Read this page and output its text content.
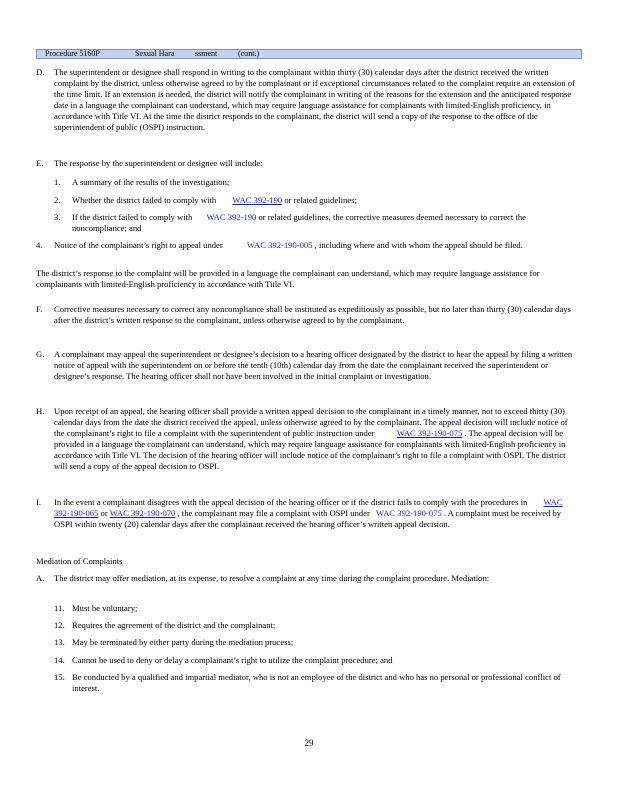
Procedure 5160P	Sexual Hara	ssment	(cont.)
D. The superintendent or designee shall respond in writing to the complainant within thirty (30) calendar days after the district received the written complaint by the district, unless otherwise agreed to by the complainant or if exceptional circumstances related to the complaint require an extension of the time limit. If an extension is needed, the district will notify the complainant in writing of the reasons for the extension and the anticipated response date in a language the complainant can understand, which may require language assistance for complainants with limited-English proficiency, in accordance with Title VI. At the time the district responds to the complainant, the district will send a copy of the response to the office of the superintendent of public (OSPI) instruction.
E. The response by the superintendent or designee will include:
1. A summary of the results of the investigation;
2. Whether the district failed to comply with WAC 392-190 or related guidelines;
3. If the district failed to comply with WAC 392-190 or related guidelines, the corrective measures deemed necessary to correct the noncompliance; and
4. Notice of the complainant’s right to appeal under	WAC 392-190-005 , including where and with whom the appeal should be filed.
The district’s response to the complaint will be provided in a language the complainant can understand, which may require language assistance for complainants with limited-English proficiency in accordance with Title VI.
F. Corrective measures necessary to correct any noncompliance shall be instituted as expeditiously as possible, but no later than thirty (30) calendar days after the district’s written response to the complainant, unless otherwise agreed to by the complainant.
G. A complainant may appeal the superintendent or designee’s decision to a hearing officer designated by the district to hear the appeal by filing a written notice of appeal with the superintendent on or before the tenth (10th) calendar day from the date the complainant received the superintendent or designee’s response. The hearing officer shall not have been involved in the initial complaint or investigation.
H. Upon receipt of an appeal, the hearing officer shall provide a written appeal decision to the complainant in a timely manner, not to exceed thirty (30) calendar days from the date the district received the appeal, unless otherwise agreed to by the complainant. The appeal decision will include notice of the complainant’s right to file a complaint with the superintendent of public instruction under	WAC 392-190-075 . The appeal decision will be provided in a language the complainant can understand, which may require language assistance for complainants with limited-English proficiency in accordance with Title VI. The decision of the hearing officer will include notice of the complainant’s right to file a complaint with OSPI. The district will send a copy of the appeal decision to OSPI.
I. In the event a complainant disagrees with the appeal decision of the hearing officer or if the district fails to comply with the procedures in WAC 392-190-065 or WAC 392-190-070 , the complainant may file a complaint with OSPI under WAC 392-190-075 . A complaint must be received by OSPI within twenty (20) calendar days after the complainant received the hearing officer’s written appeal decision.
Mediation of Complaints
A. The district may offer mediation, at its expense, to resolve a complaint at any time during the complaint procedure. Mediation:
11. Must be voluntary;
12. Requires the agreement of the district and the complainant;
13. May be terminated by either party during the mediation process;
14. Cannot be used to deny or delay a complainant’s right to utilize the complaint procedure; and
15. Be conducted by a qualified and impartial mediator, who is not an employee of the district and who has no personal or professional conflict of interest.
29
